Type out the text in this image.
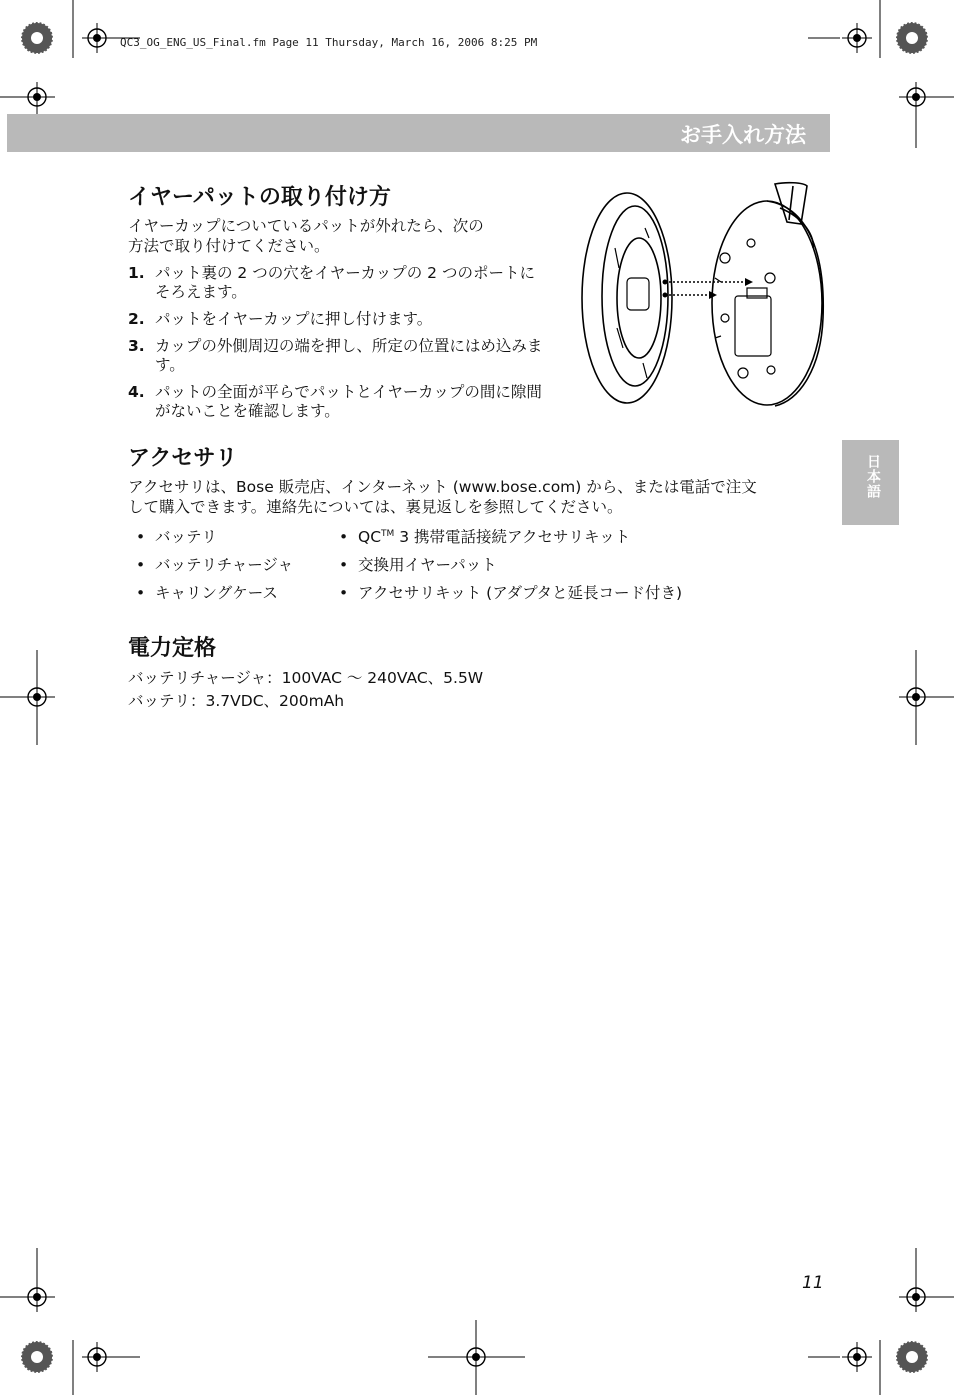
QC3_OG_ENG_US_Final.fm Page 11 Thursday, March 16, 2006 8:25 PM
お手入れ方法
日本語
イヤーパットの取り付け方
イヤーカップについているパットが外れたら、次の
方法で取り付けてください。
1. パット裏の 2 つの穴をイヤーカップの 2 つのポートにそろえます。
2. パットをイヤーカップに押し付けます。
3. カップの外側周辺の端を押し、所定の位置にはめ込みます。
4. パットの全面が平らでパットとイヤーカップの間に隙間がないことを確認します。
アクセサリ
アクセサリは、Bose 販売店、インターネット (www.bose.com) から、または電話で注文
して購入できます。連絡先については、裏見返しを参照してください。
• バッテリ
• バッテリチャージャ
• キャリングケース
• QC™ 3 携帯電話接続アクセサリキット
• 交換用イヤーパット
• アクセサリキット (アダプタと延長コード付き)
電力定格
バッテリチャージャ：100VAC 〜 240VAC、5.5W
バッテリ：3.7VDC、200mAh
11
